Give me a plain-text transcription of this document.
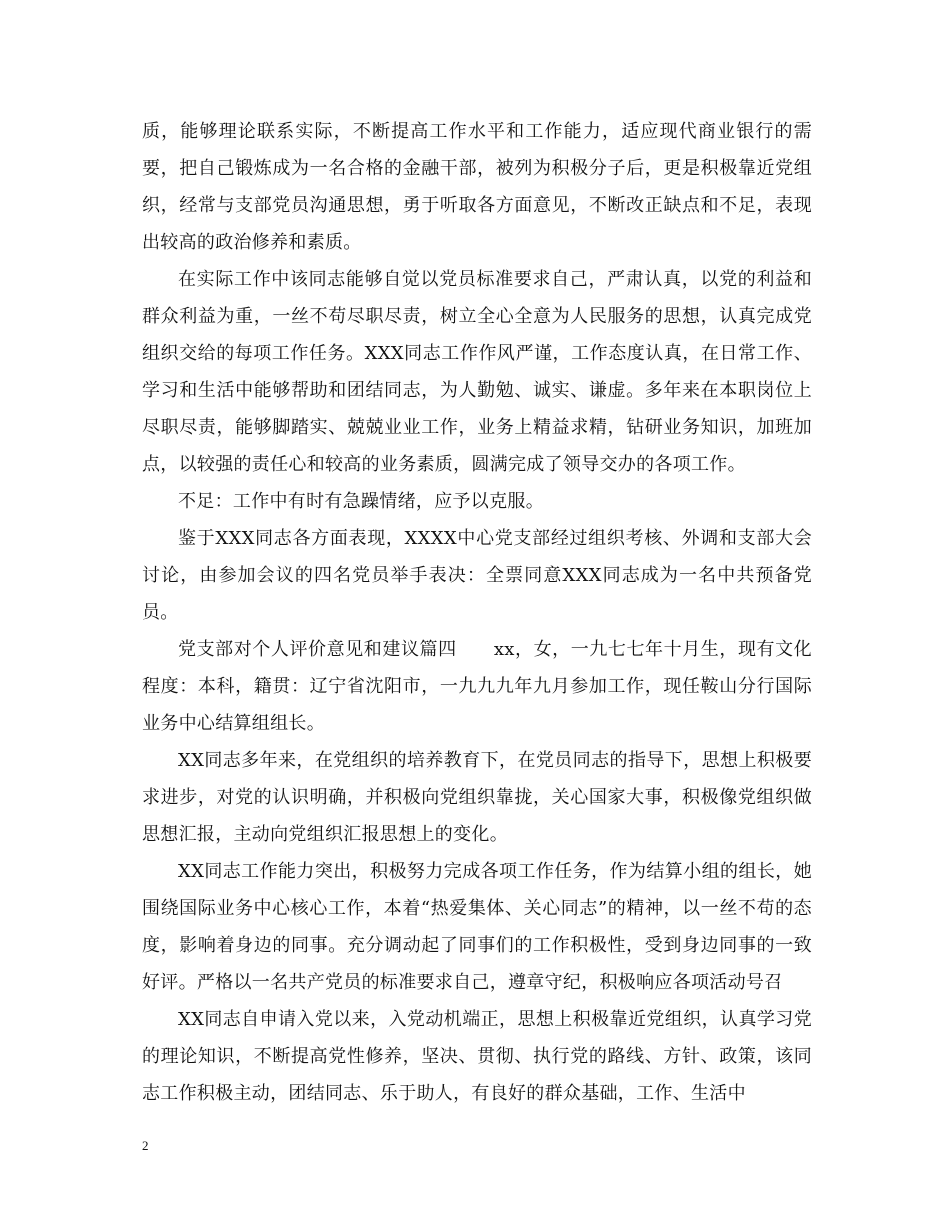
质，能够理论联系实际，不断提高工作水平和工作能力，适应现代商业银行的需要，把自己锻炼成为一名合格的金融干部，被列为积极分子后，更是积极靠近党组织，经常与支部党员沟通思想，勇于听取各方面意见，不断改正缺点和不足，表现出较高的政治修养和素质。

在实际工作中该同志能够自觉以党员标准要求自己，严肃认真，以党的利益和群众利益为重，一丝不苟尽职尽责，树立全心全意为人民服务的思想，认真完成党组织交给的每项工作任务。XXX同志工作作风严谨，工作态度认真，在日常工作、学习和生活中能够帮助和团结同志，为人勤勉、诚实、谦虚。多年来在本职岗位上尽职尽责，能够脚踏实、兢兢业业工作，业务上精益求精，钻研业务知识，加班加点，以较强的责任心和较高的业务素质，圆满完成了领导交办的各项工作。

不足：工作中有时有急躁情绪，应予以克服。

鉴于XXX同志各方面表现，XXXX中心党支部经过组织考核、外调和支部大会讨论，由参加会议的四名党员举手表决：全票同意XXX同志成为一名中共预备党员。

党支部对个人评价意见和建议篇四　　xx，女，一九七七年十月生，现有文化程度：本科，籍贯：辽宁省沈阳市，一九九九年九月参加工作，现任鞍山分行国际业务中心结算组组长。

XX同志多年来，在党组织的培养教育下，在党员同志的指导下，思想上积极要求进步，对党的认识明确，并积极向党组织靠拢，关心国家大事，积极像党组织做思想汇报，主动向党组织汇报思想上的变化。

XX同志工作能力突出，积极努力完成各项工作任务，作为结算小组的组长，她围绕国际业务中心核心工作，本着“热爱集体、关心同志”的精神，以一丝不苟的态度，影响着身边的同事。充分调动起了同事们的工作积极性，受到身边同事的一致好评。严格以一名共产党员的标准要求自己，遵章守纪，积极响应各项活动号召

XX同志自申请入党以来，入党动机端正，思想上积极靠近党组织，认真学习党的理论知识，不断提高党性修养，坚决、贯彻、执行党的路线、方针、政策，该同志工作积极主动，团结同志、乐于助人，有良好的群众基础，工作、生活中

2
